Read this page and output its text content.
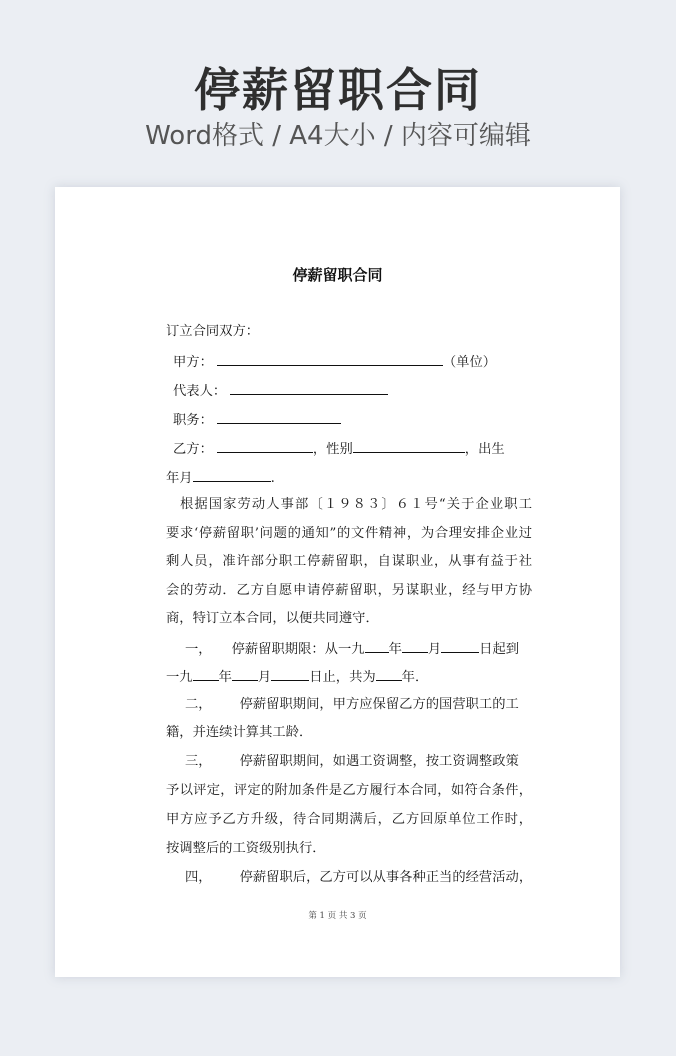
停薪留职合同
Word格式 / A4大小 / 内容可编辑
停薪留职合同
订立合同双方：
甲方：	（单位）
代表人：
职务：
乙方：	，性别	，出生
年月	.
根据国家劳动人事部〔１９８３〕６１号“关于企业职工
要求‘停薪留职’问题的通知”的文件精神，为合理安排企业过
剩人员，准许部分职工停薪留职，自谋职业，从事有益于社
会的劳动．乙方自愿申请停薪留职，另谋职业，经与甲方协
商，特订立本合同，以便共同遵守．
一， 停薪留职期限：从一九 年 月	日起到
一九 年 月	日止，共为 年．
二， 停薪留职期间，甲方应保留乙方的国营职工的工
籍，并连续计算其工龄．
三， 停薪留职期间，如遇工资调整，按工资调整政策
予以评定，评定的附加条件是乙方履行本合同，如符合条件，
甲方应予乙方升级，待合同期满后，乙方回原单位工作时，
按调整后的工资级别执行．
四， 停薪留职后，乙方可以从事各种正当的经营活动，
第 1 页 共 3 页
